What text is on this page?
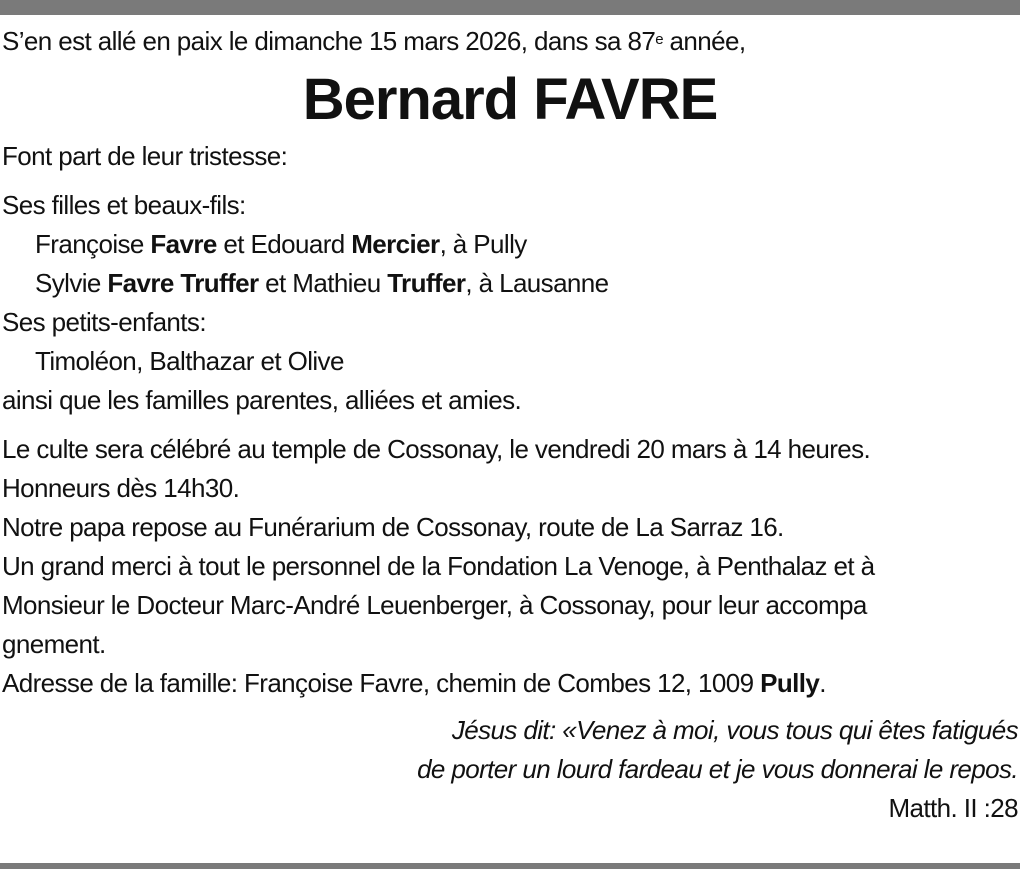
S’en est allé en paix le dimanche 15 mars 2026, dans sa 87e année,
Bernard FAVRE
Font part de leur tristesse:
Ses filles et beaux-fils:
Françoise Favre et Edouard Mercier, à Pully
Sylvie Favre Truffer et Mathieu Truffer, à Lausanne
Ses petits-enfants:
Timoléon, Balthazar et Olive
ainsi que les familles parentes, alliées et amies.
Le culte sera célébré au temple de Cossonay, le vendredi 20 mars à 14 heures.
Honneurs dès 14h30.
Notre papa repose au Funérarium de Cossonay, route de La Sarraz 16.
Un grand merci à tout le personnel de la Fondation La Venoge, à Penthalaz et à
Monsieur le Docteur Marc-André Leuenberger, à Cossonay, pour leur accompa
gnement.
Adresse de la famille: Françoise Favre, chemin de Combes 12, 1009 Pully.
Jésus dit: «Venez à moi, vous tous qui êtes fatigués
de porter un lourd fardeau et je vous donnerai le repos.
Matth. II :28
